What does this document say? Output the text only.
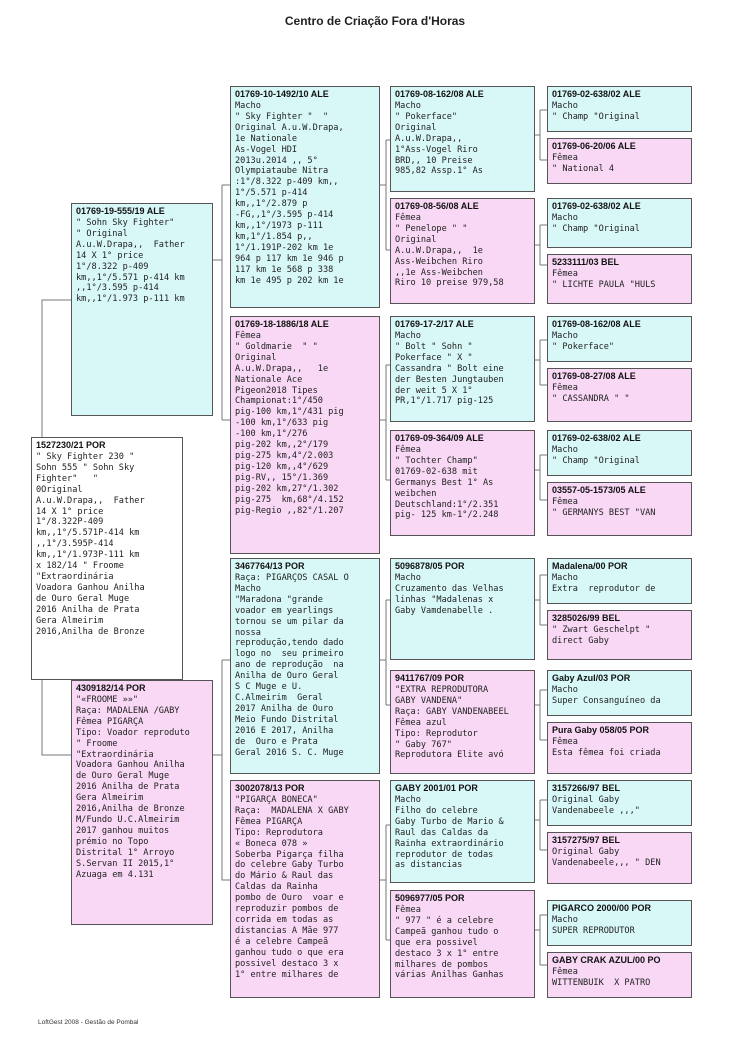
Centro de Criação Fora d'Horas
1527230/21 POR
" Sky Fighter 230 "
Sohn 555 " Sohn Sky
Fighter"   "
0Original
A.u.W.Drapa,,  Father
14 X 1° price
1°/8.322P-409
km,,1°/5.571P-414 km
,,1°/3.595P-414
km,,1°/1.973P-111 km
x 182/14 " Froome
"Extraordinária
Voadora Ganhou Anilha
de Ouro Geral Muge
2016 Anilha de Prata
Gera Almeirim
2016,Anilha de Bronze
01769-19-555/19 ALE
" Sohn Sky Fighter"
" Original
A.u.W.Drapa,,  Father
14 X 1° price
1°/8.322 p-409
km,,1°/5.571 p-414 km
,,1°/3.595 p-414
km,,1°/1.973 p-111 km
4309182/14 POR
"«FROOME »»"
Raça: MADALENA /GABY
Fêmea PIGARÇA
Tipo: Voador reproduto
" Froome
"Extraordinária
Voadora Ganhou Anilha
de Ouro Geral Muge
2016 Anilha de Prata
Gera Almeirim
2016,Anilha de Bronze
M/Fundo U.C.Almeirim
2017 ganhou muitos
prémio no Topo
Distrital 1° Arroyo
S.Servan II 2015,1°
Azuaga em 4.131
01769-10-1492/10 ALE
Macho
" Sky Fighter "  "
Original A.u.W.Drapa,
1e Nationale
As-Vogel HDI
2013u.2014 ,, 5°
Olympiataube Nitra
:1°/8.322 p-409 km,,
1°/5.571 p-414
km,,1°/2.879 p
-FG,,1°/3.595 p-414
km,,1°/1973 p-111
km,1°/1.854 p,,
1°/1.191P-202 km 1e
964 p 117 km 1e 946 p
117 km 1e 568 p 338
km 1e 495 p 202 km 1e
01769-18-1886/18 ALE
Fêmea
" Goldmarie  " "
Original
A.u.W.Drapa,,   1e
Nationale Ace
Pigeon2018 Tipes
Championat:1°/450
pig-100 km,1°/431 pig
-100 km,1°/633 pig
-100 km,1°/276
pig-202 km,,2°/179
pig-275 km,4°/2.003
pig-120 km,,4°/629
pig-RV,, 15°/1.369
pig-202 km,27°/1.302
pig-275  km,68°/4.152
pig-Regio ,,82°/1.207
3467764/13 POR
Raça: PIGARÇOS CASAL O
Macho
"Maradona "grande
voador em yearlings
tornou se um pilar da
nossa
reprodução,tendo dado
logo no  seu primeiro
ano de reprodução  na
Anilha de Ouro Geral
S C Muge e U.
C.Almeirim  Geral
2017 Anilha de Ouro
Meio Fundo Distrital
2016 E 2017, Anilha
de  Ouro e Prata
Geral 2016 S. C. Muge
3002078/13 POR
"PIGARÇA BONECA"
Raça:  MADALENA X GABY
Fêmea PIGARÇA
Tipo: Reprodutora
« Boneca 078 »
Soberba Pigarça filha
do celebre Gaby Turbo
do Mário & Raul das
Caldas da Rainha
pombo de Ouro  voar e
reproduzir pombos de
corrida em todas as
distancias A Mãe 977
é a celebre Campeã
ganhou tudo o que era
possivel destaco 3 x
1° entre milhares de
01769-08-162/08 ALE
Macho
" Pokerface"
Original
A.u.W.Drapa,,
1°Ass-Vogel Riro
BRD,, 10 Preise
985,82 Assp.1° As
01769-08-56/08 ALE
Fêmea
" Penelope " "
Original
A.u.W.Drapa,,  1e
Ass-Weibchen Riro
,,1e Ass-Weibchen
Riro 10 preise 979,58
01769-17-2/17 ALE
Macho
" Bolt " Sohn "
Pokerface " X "
Cassandra " Bolt eine
der Besten Jungtauben
der weit 5 X 1°
PR,1°/1.717 pig-125
01769-09-364/09 ALE
Fêmea
" Tochter Champ"
01769-02-638 mit
Germanys Best 1° As
weibchen
Deutschland:1°/2.351
pig- 125 km-1°/2.248
5096878/05 POR
Macho
Cruzamento das Velhas
linhas "Madalenas x
Gaby Vamdenabelle .
9411767/09 POR
"EXTRA REPRODUTORA
GABY VANDENA"
Raça: GABY VANDENABEEL
Fêmea azul
Tipo: Reprodutor
" Gaby 767"
Reprodutora Elite avó
GABY 2001/01 POR
Macho
Filho do celebre
Gaby Turbo de Mario &
Raul das Caldas da
Rainha extraordinário
reprodutor de todas
as distancias
5096977/05 POR
Fêmea
" 977 " é a celebre
Campeã ganhou tudo o
que era possivel
destaco 3 x 1° entre
milhares de pombos
várias Anilhas Ganhas
01769-02-638/02 ALE
Macho
" Champ "Original
01769-06-20/06 ALE
Fêmea
" National 4
01769-02-638/02 ALE
Macho
" Champ "Original
5233111/03 BEL
Fêmea
" LICHTE PAULA "HULS
01769-08-162/08 ALE
Macho
" Pokerface"
01769-08-27/08 ALE
Fêmea
" CASSANDRA " "
01769-02-638/02 ALE
Macho
" Champ "Original
03557-05-1573/05 ALE
Fêmea
" GERMANYS BEST "VAN
Madalena/00 POR
Macho
Extra  reprodutor de
3285026/99 BEL
" Zwart Geschelpt "
direct Gaby
Gaby Azul/03 POR
Macho
Super Consanguíneo da
Pura Gaby 058/05 POR
Fêmea
Esta fêmea foi criada
3157266/97 BEL
Original Gaby
Vandenabeele ,,,"
3157275/97 BEL
Original Gaby
Vandenabeele,,, " DEN
PIGARCO 2000/00 POR
Macho
SUPER REPRODUTOR
GABY CRAK AZUL/00 PO
Fêmea
WITTENBUIK  X PATRO
LoftGest 2008 - Gestão de Pombal
